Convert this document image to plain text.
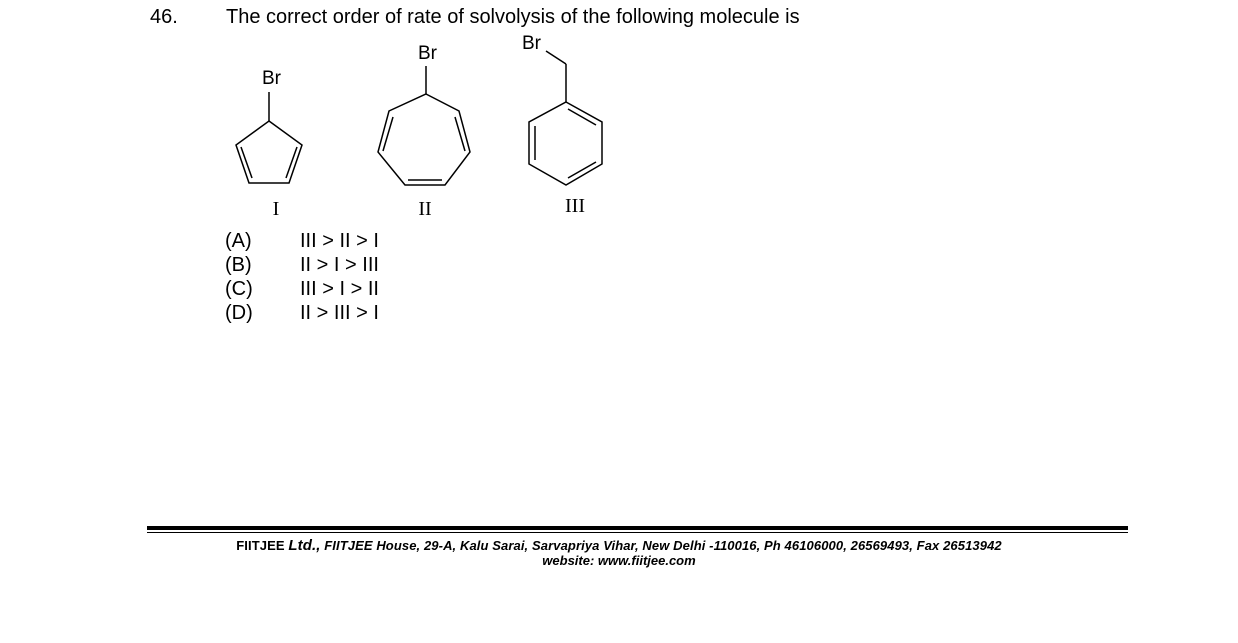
46. The correct order of rate of solvolysis of the following molecule is
Br
Br	Br
I	II	III
(A)	III > II > I
(B)	II > I > III
(C)	III > I > II
(D)	II > III > I
FIITJEE Ltd., FIITJEE House, 29-A, Kalu Sarai, Sarvapriya Vihar, New Delhi -110016, Ph 46106000, 26569493, Fax 26513942
website: www.fiitjee.com
